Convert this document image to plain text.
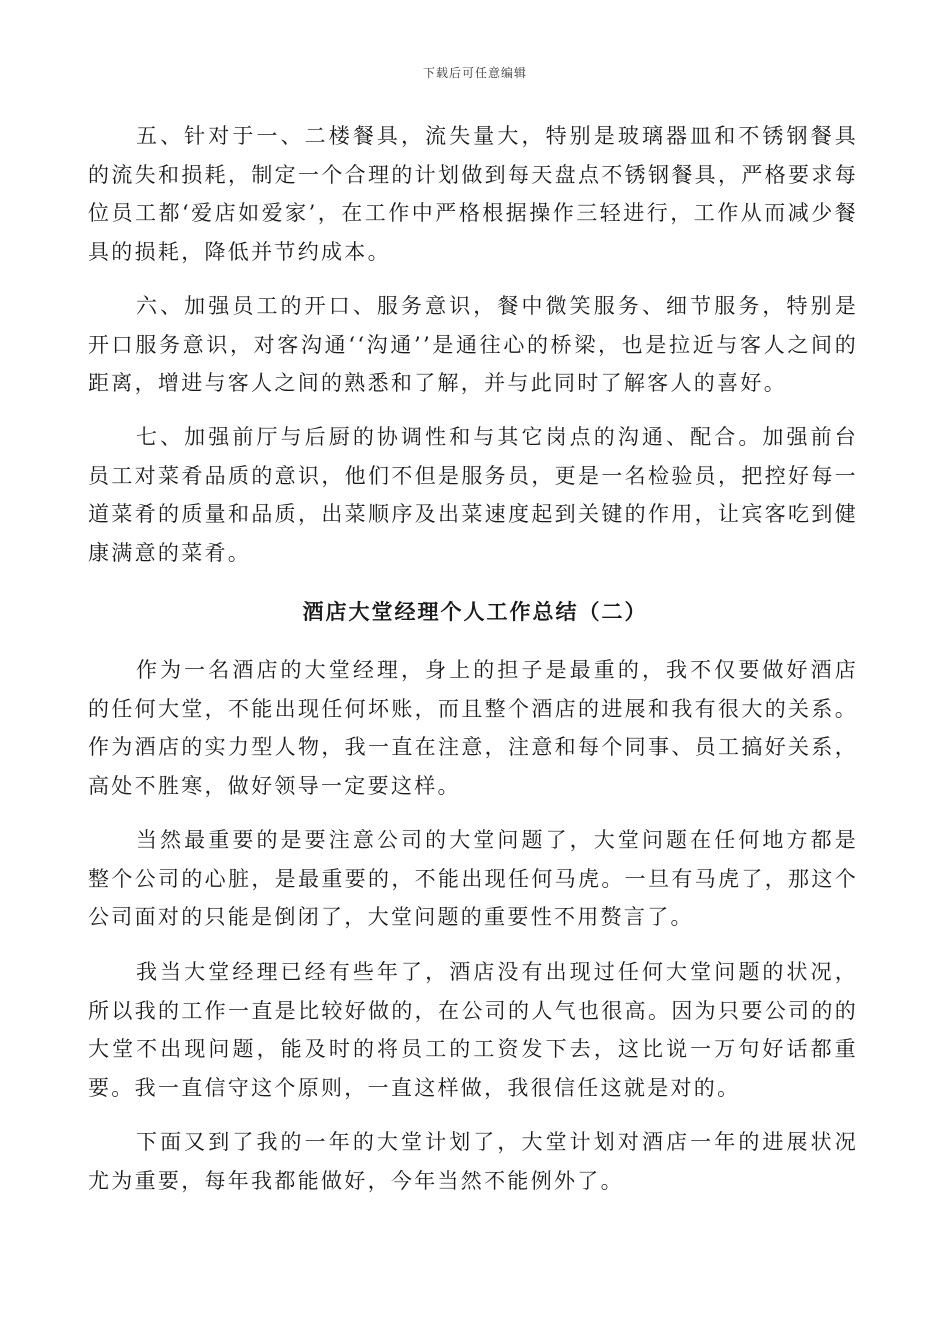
下载后可任意编辑

五、针对于一、二楼餐具，流失量大，特别是玻璃器皿和不锈钢餐具的流失和损耗，制定一个合理的计划做到每天盘点不锈钢餐具，严格要求每位员工都‘爱店如爱家’，在工作中严格根据操作三轻进行，工作从而减少餐具的损耗，降低并节约成本。

六、加强员工的开口、服务意识，餐中微笑服务、细节服务，特别是开口服务意识，对客沟通‘‘沟通’’是通往心的桥梁，也是拉近与客人之间的距离，增进与客人之间的熟悉和了解，并与此同时了解客人的喜好。

七、加强前厅与后厨的协调性和与其它岗点的沟通、配合。加强前台员工对菜肴品质的意识，他们不但是服务员，更是一名检验员，把控好每一道菜肴的质量和品质，出菜顺序及出菜速度起到关键的作用，让宾客吃到健康满意的菜肴。

酒店大堂经理个人工作总结（二）

作为一名酒店的大堂经理，身上的担子是最重的，我不仅要做好酒店的任何大堂，不能出现任何坏账，而且整个酒店的进展和我有很大的关系。作为酒店的实力型人物，我一直在注意，注意和每个同事、员工搞好关系，高处不胜寒，做好领导一定要这样。

当然最重要的是要注意公司的大堂问题了，大堂问题在任何地方都是整个公司的心脏，是最重要的，不能出现任何马虎。一旦有马虎了，那这个公司面对的只能是倒闭了，大堂问题的重要性不用赘言了。

我当大堂经理已经有些年了，酒店没有出现过任何大堂问题的状况，所以我的工作一直是比较好做的，在公司的人气也很高。因为只要公司的的大堂不出现问题，能及时的将员工的工资发下去，这比说一万句好话都重要。我一直信守这个原则，一直这样做，我很信任这就是对的。

下面又到了我的一年的大堂计划了，大堂计划对酒店一年的进展状况尤为重要，每年我都能做好，今年当然不能例外了。
